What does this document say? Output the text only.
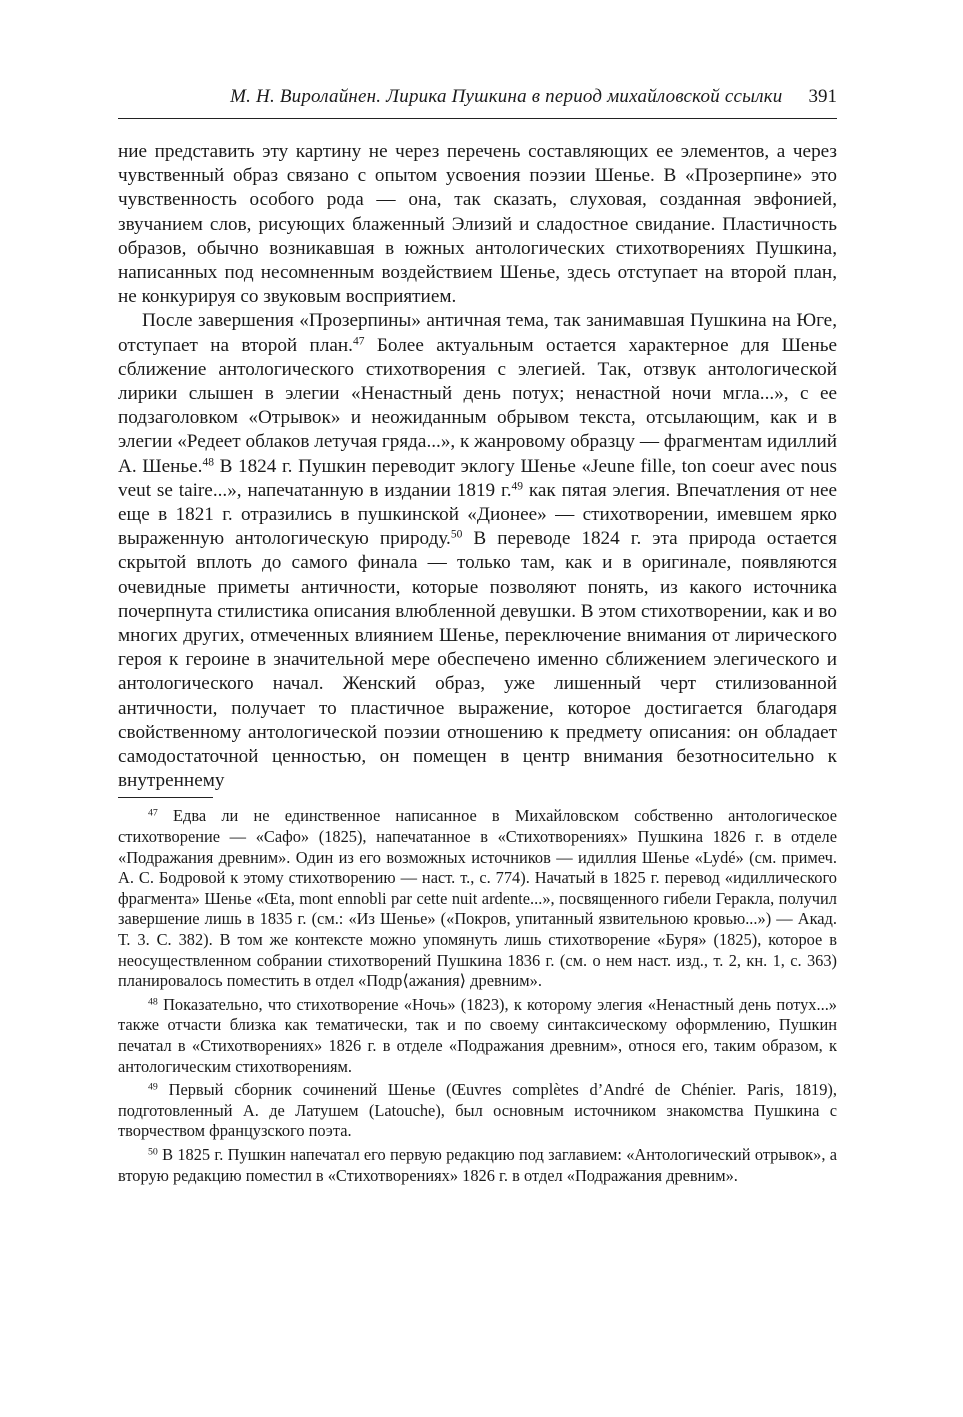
М. Н. Виролайнен. Лирика Пушкина в период михайловской ссылки 391

ние представить эту картину не через перечень составляющих ее элементов, а через чувственный образ связано с опытом усвоения поэзии Шенье. В «Прозерпине» это чувственность особого рода — она, так сказать, слуховая, созданная эвфонией, звучанием слов, рисующих блаженный Элизий и сладостное свидание. Пластичность образов, обычно возникавшая в южных антологических стихотворениях Пушкина, написанных под несомненным воздействием Шенье, здесь отступает на второй план, не конкурируя со звуковым восприятием.

После завершения «Прозерпины» античная тема, так занимавшая Пушкина на Юге, отступает на второй план.$^{47}$ Более актуальным остается характерное для Шенье сближение антологического стихотворения с элегией. Так, отзвук антологической лирики слышен в элегии «Ненастный день потух; ненастной ночи мгла...», с ее подзаголовком «Отрывок» и неожиданным обрывом текста, отсылающим, как и в элегии «Редеет облаков летучая гряда...», к жанровому образцу — фрагментам идиллий А. Шенье.$^{48}$ В 1824 г. Пушкин переводит эклогу Шенье «Jeune fille, ton coeur avec nous veut se taire...», напечатанную в издании 1819 г.$^{49}$ как пятая элегия. Впечатления от нее еще в 1821 г. отразились в пушкинской «Дионее» — стихотворении, имевшем ярко выраженную антологическую природу.$^{50}$ В переводе 1824 г. эта природа остается скрытой вплоть до самого финала — только там, как и в оригинале, появляются очевидные приметы античности, которые позволяют понять, из какого источника почерпнута стилистика описания влюбленной девушки. В этом стихотворении, как и во многих других, отмеченных влиянием Шенье, переключение внимания от лирического героя к героине в значительной мере обеспечено именно сближением элегического и антологического начал. Женский образ, уже лишенный черт стилизованной античности, получает то пластичное выражение, которое достигается благодаря свойственному антологической поэзии отношению к предмету описания: он обладает самодостаточной ценностью, он помещен в центр внимания безотносительно к внутреннему

$^{47}$ Едва ли не единственное написанное в Михайловском собственно антологическое стихотворение — «Сафо» (1825), напечатанное в «Стихотворениях» Пушкина 1826 г. в отделе «Подражания древним». Один из его возможных источников — идиллия Шенье «Lydé» (см. примеч. А. С. Бодровой к этому стихотворению — наст. т., с. 774). Начатый в 1825 г. перевод «идиллического фрагмента» Шенье «Œta, mont ennobli par cette nuit ardente...», посвященного гибели Геракла, получил завершение лишь в 1835 г. (см.: «Из Шенье» («Покров, упитанный язвительною кровью...») — Акад. Т. 3. С. 382). В том же контексте можно упомянуть лишь стихотворение «Буря» (1825), которое в неосуществленном собрании стихотворений Пушкина 1836 г. (см. о нем наст. изд., т. 2, кн. 1, с. 363) планировалось поместить в отдел «Подр⟨ажания⟩ древним».

$^{48}$ Показательно, что стихотворение «Ночь» (1823), к которому элегия «Ненастный день потух...» также отчасти близка как тематически, так и по своему синтаксическому оформлению, Пушкин печатал в «Стихотворениях» 1826 г. в отделе «Подражания древним», относя его, таким образом, к антологическим стихотворениям.

$^{49}$ Первый сборник сочинений Шенье (Œuvres complètes d’André de Chénier. Paris, 1819), подготовленный А. де Латушем (Latouche), был основным источником знакомства Пушкина с творчеством французского поэта.

$^{50}$ В 1825 г. Пушкин напечатал его первую редакцию под заглавием: «Антологический отрывок», а вторую редакцию поместил в «Стихотворениях» 1826 г. в отдел «Подражания древним».
